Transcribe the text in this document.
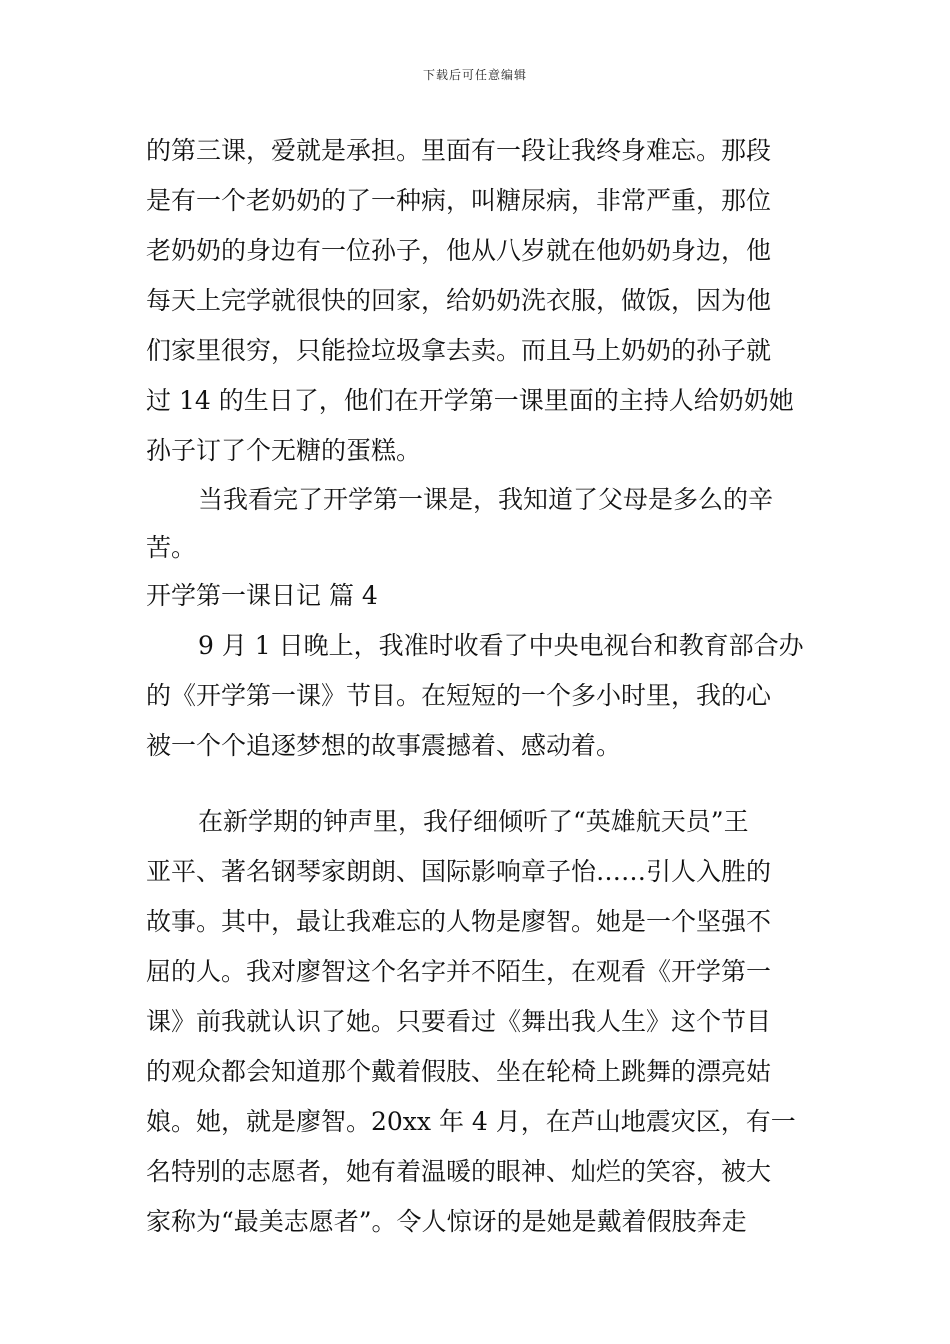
下载后可任意编辑
的第三课，爱就是承担。里面有一段让我终身难忘。那段
是有一个老奶奶的了一种病，叫糖尿病，非常严重，那位
老奶奶的身边有一位孙子，他从八岁就在他奶奶身边，他
每天上完学就很快的回家，给奶奶洗衣服，做饭，因为他
们家里很穷，只能捡垃圾拿去卖。而且马上奶奶的孙子就
过 14 的生日了，他们在开学第一课里面的主持人给奶奶她
孙子订了个无糖的蛋糕。
当我看完了开学第一课是，我知道了父母是多么的辛
苦。
开学第一课日记 篇 4
9 月 1 日晚上，我准时收看了中央电视台和教育部合办
的《开学第一课》节目。在短短的一个多小时里，我的心
被一个个追逐梦想的故事震撼着、感动着。
在新学期的钟声里，我仔细倾听了“英雄航天员”王
亚平、著名钢琴家朗朗、国际影响章子怡……引人入胜的
故事。其中，最让我难忘的人物是廖智。她是一个坚强不
屈的人。我对廖智这个名字并不陌生，在观看《开学第一
课》前我就认识了她。只要看过《舞出我人生》这个节目
的观众都会知道那个戴着假肢、坐在轮椅上跳舞的漂亮姑
娘。她，就是廖智。20xx 年 4 月，在芦山地震灾区，有一
名特别的志愿者，她有着温暖的眼神、灿烂的笑容，被大
家称为“最美志愿者”。令人惊讶的是她是戴着假肢奔走
